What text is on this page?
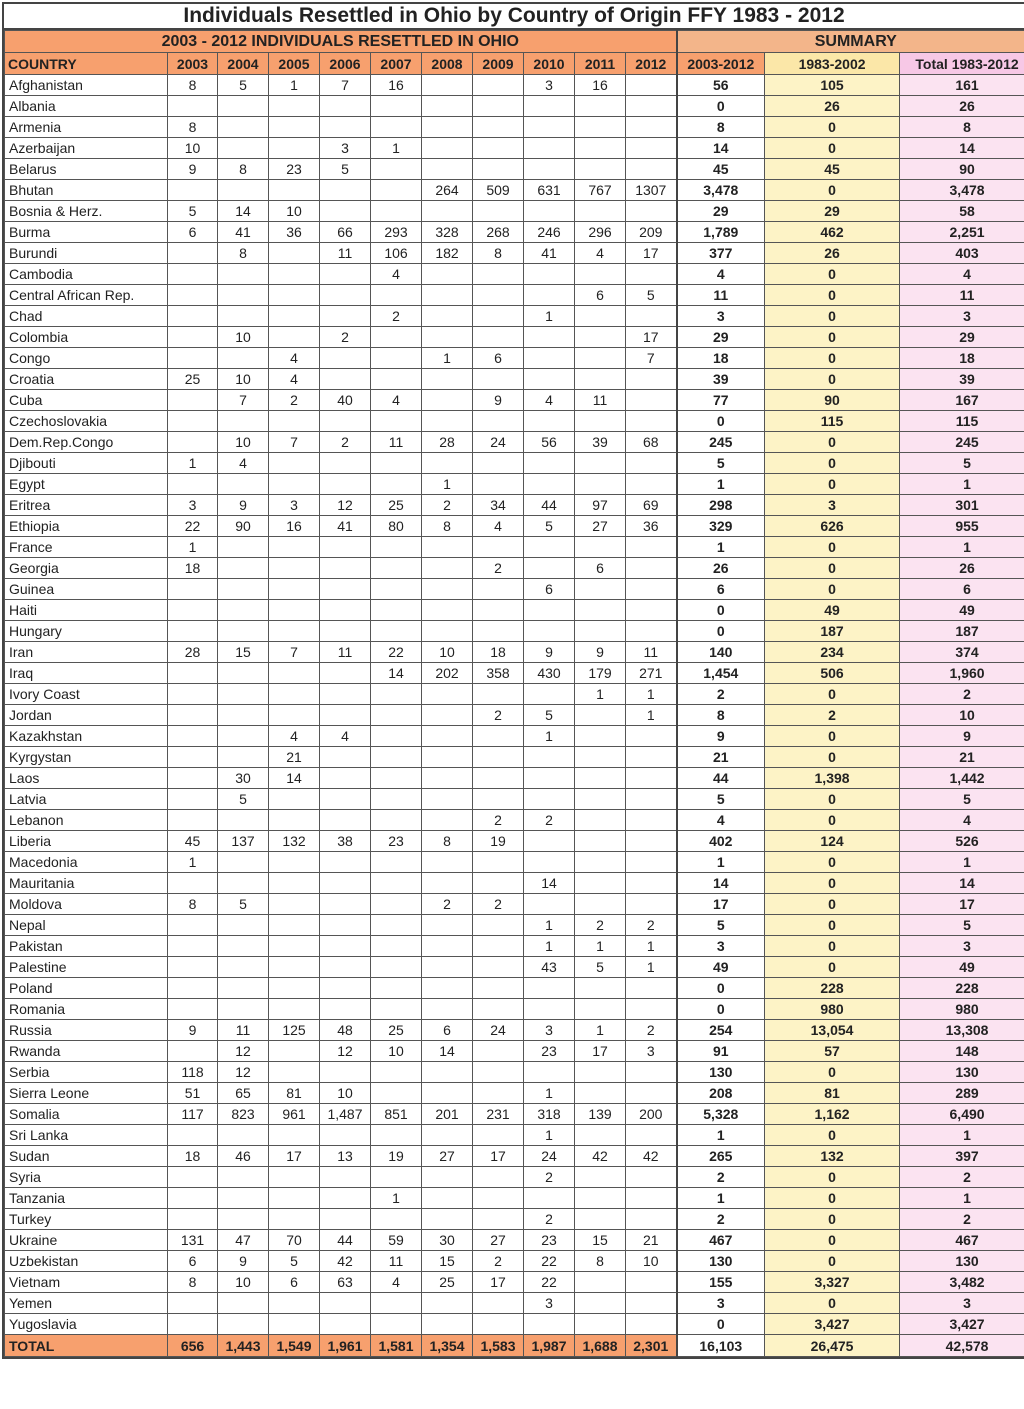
Individuals Resettled in Ohio by Country of Origin FFY 1983 - 2012
2003 - 2012 INDIVIDUALS RESETTLED IN OHIO											SUMMARY		
COUNTRY	2003	2004	2005	2006	2007	2008	2009	2010	2011	2012	2003-2012	1983-2002	Total 1983-2012
Afghanistan	8	5	1	7	16			3	16		56	105	161
Albania											0	26	26
Armenia	8										8	0	8
Azerbaijan	10			3	1						14	0	14
Belarus	9	8	23	5							45	45	90
Bhutan						264	509	631	767	1307	3,478	0	3,478
Bosnia & Herz.	5	14	10								29	29	58
Burma	6	41	36	66	293	328	268	246	296	209	1,789	462	2,251
Burundi		8		11	106	182	8	41	4	17	377	26	403
Cambodia					4						4	0	4
Central African Rep.									6	5	11	0	11
Chad					2			1			3	0	3
Colombia		10		2						17	29	0	29
Congo			4			1	6			7	18	0	18
Croatia	25	10	4								39	0	39
Cuba		7	2	40	4		9	4	11		77	90	167
Czechoslovakia											0	115	115
Dem.Rep.Congo		10	7	2	11	28	24	56	39	68	245	0	245
Djibouti	1	4									5	0	5
Egypt						1					1	0	1
Eritrea	3	9	3	12	25	2	34	44	97	69	298	3	301
Ethiopia	22	90	16	41	80	8	4	5	27	36	329	626	955
France	1										1	0	1
Georgia	18						2		6		26	0	26
Guinea								6			6	0	6
Haiti											0	49	49
Hungary											0	187	187
Iran	28	15	7	11	22	10	18	9	9	11	140	234	374
Iraq					14	202	358	430	179	271	1,454	506	1,960
Ivory Coast									1	1	2	0	2
Jordan							2	5		1	8	2	10
Kazakhstan			4	4				1			9	0	9
Kyrgystan			21								21	0	21
Laos		30	14								44	1,398	1,442
Latvia		5									5	0	5
Lebanon							2	2			4	0	4
Liberia	45	137	132	38	23	8	19				402	124	526
Macedonia	1										1	0	1
Mauritania								14			14	0	14
Moldova	8	5				2	2				17	0	17
Nepal								1	2	2	5	0	5
Pakistan								1	1	1	3	0	3
Palestine								43	5	1	49	0	49
Poland											0	228	228
Romania											0	980	980
Russia	9	11	125	48	25	6	24	3	1	2	254	13,054	13,308
Rwanda		12		12	10	14		23	17	3	91	57	148
Serbia	118	12									130	0	130
Sierra Leone	51	65	81	10				1			208	81	289
Somalia	117	823	961	1,487	851	201	231	318	139	200	5,328	1,162	6,490
Sri Lanka								1			1	0	1
Sudan	18	46	17	13	19	27	17	24	42	42	265	132	397
Syria								2			2	0	2
Tanzania					1						1	0	1
Turkey								2			2	0	2
Ukraine	131	47	70	44	59	30	27	23	15	21	467	0	467
Uzbekistan	6	9	5	42	11	15	2	22	8	10	130	0	130
Vietnam	8	10	6	63	4	25	17	22			155	3,327	3,482
Yemen								3			3	0	3
Yugoslavia											0	3,427	3,427
TOTAL	656	1,443	1,549	1,961	1,581	1,354	1,583	1,987	1,688	2,301	16,103	26,475	42,578
